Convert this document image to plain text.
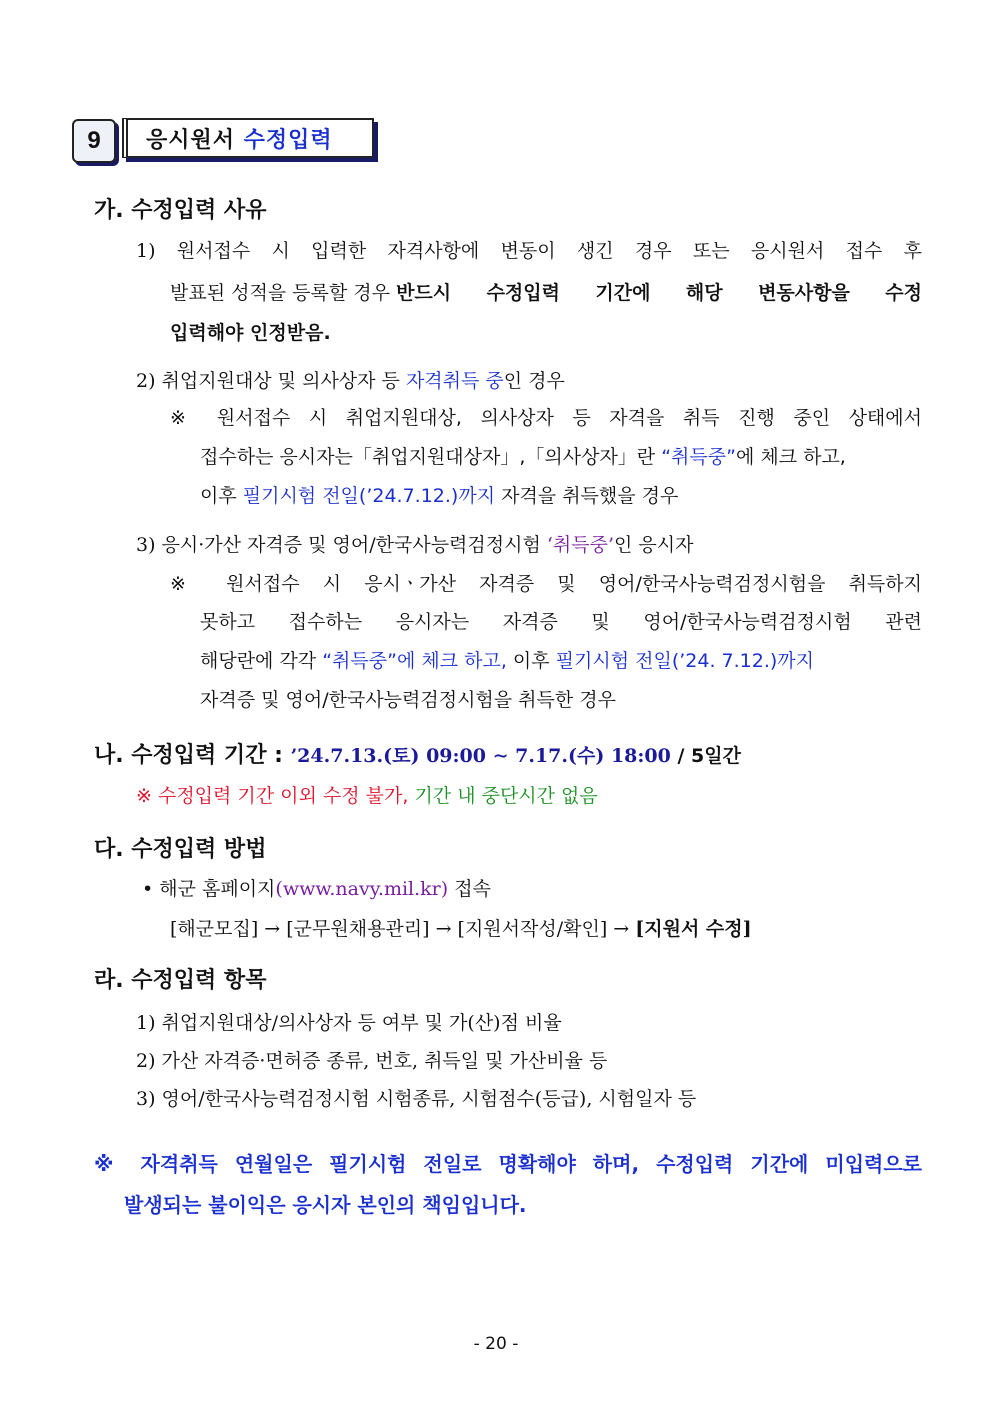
9 응시원서 수정입력
가. 수정입력 사유
1) 원서접수 시 입력한 자격사항에 변동이 생긴 경우 또는 응시원서 접수 후
발표된 성적을 등록할 경우 반드시 수정입력 기간에 해당 변동사항을 수정
입력해야 인정받음.
2) 취업지원대상 및 의사상자 등 자격취득 중인 경우
※ 원서접수 시 취업지원대상, 의사상자 등 자격을 취득 진행 중인 상태에서
접수하는 응시자는「취업지원대상자」,「의사상자」란 “취득중” 에 체크 하고,
이후 필기시험 전일(’24.7.12.)까지 자격을 취득했을 경우
3) 응시·가산 자격증 및 영어/한국사능력검정시험 ‘취득중’인 응시자
※ 원서접수 시 응시ㆍ가산 자격증 및 영어/한국사능력검정시험을 취득하지
못하고 접수하는 응시자는 자격증 및 영어/한국사능력검정시험 관련
해당란에 각각 “취득중”에 체크 하고, 이후 필기시험 전일(’24. 7.12.)까지
자격증 및 영어/한국사능력검정시험을 취득한 경우
나. 수정입력 기간 : ’24.7.13.(토) 09:00 ∼ 7.17.(수) 18:00 / 5일간
※ 수정입력 기간 이외 수정 불가, 기간 내 중단시간 없음
다. 수정입력 방법
• 해군 홈페이지(www.navy.mil.kr) 접속
[해군모집] → [군무원채용관리] → [지원서작성/확인] → [지원서 수정]
라. 수정입력 항목
1) 취업지원대상/의사상자 등 여부 및 가(산)점 비율
2) 가산 자격증·면허증 종류, 번호, 취득일 및 가산비율 등
3) 영어/한국사능력검정시험 시험종류, 시험점수(등급), 시험일자 등
※ 자격취득 연월일은 필기시험 전일로 명확해야 하며, 수정입력 기간에 미입력으로
발생되는 불이익은 응시자 본인의 책임입니다.
- 20 -
